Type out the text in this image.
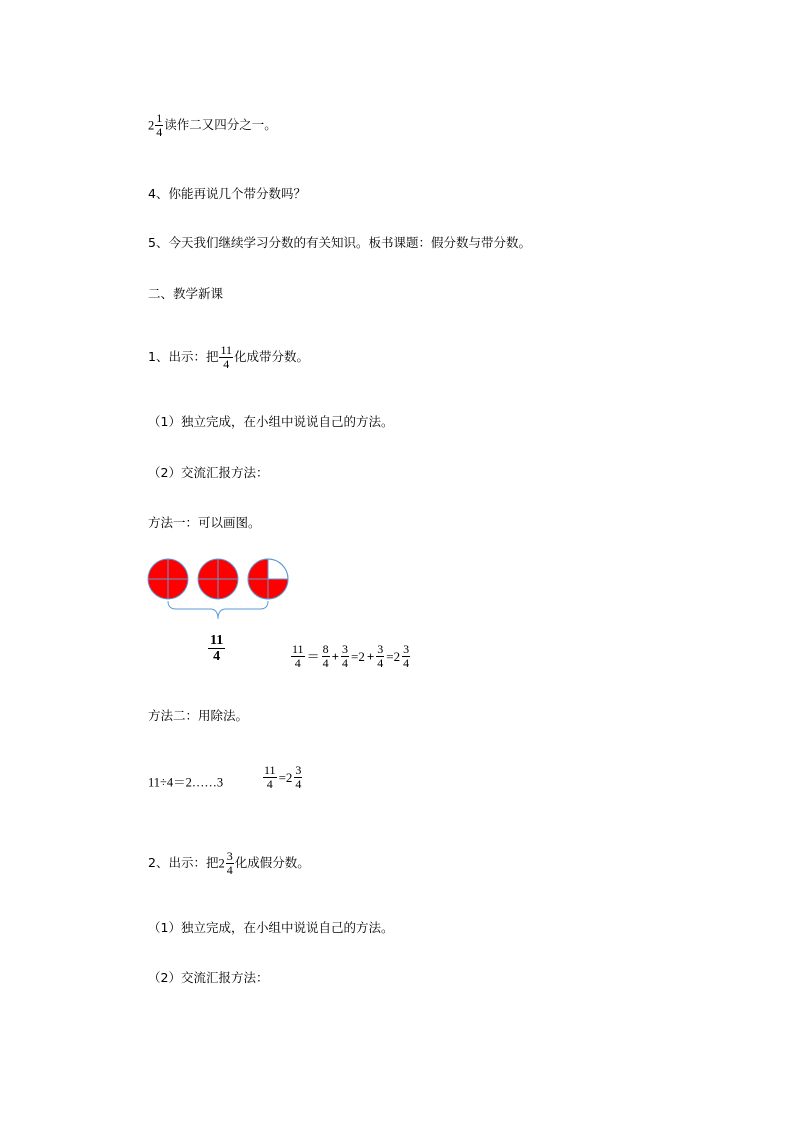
$2 \frac{1}{4}$ 读作二又四分之一。
4、你能再说几个带分数吗？
5、今天我们继续学习分数的有关知识。板书课题：假分数与带分数。
二、教学新课
1、出示：把 $\frac{11}{4}$ 化成带分数。
（1）独立完成，在小组中说说自己的方法。
（2）交流汇报方法：
方法一：可以画图。
$\frac{11}{4}$	$\frac{11}{4} = \frac{8}{4} + \frac{3}{4} =2 + \frac{3}{4} =2 \frac{3}{4}$
方法二：用除法。
11÷4＝2……3	$\frac{11}{4} =2 \frac{3}{4}$
2、出示：把$2 \frac{3}{4}$ 化成假分数。
（1）独立完成，在小组中说说自己的方法。
（2）交流汇报方法：
